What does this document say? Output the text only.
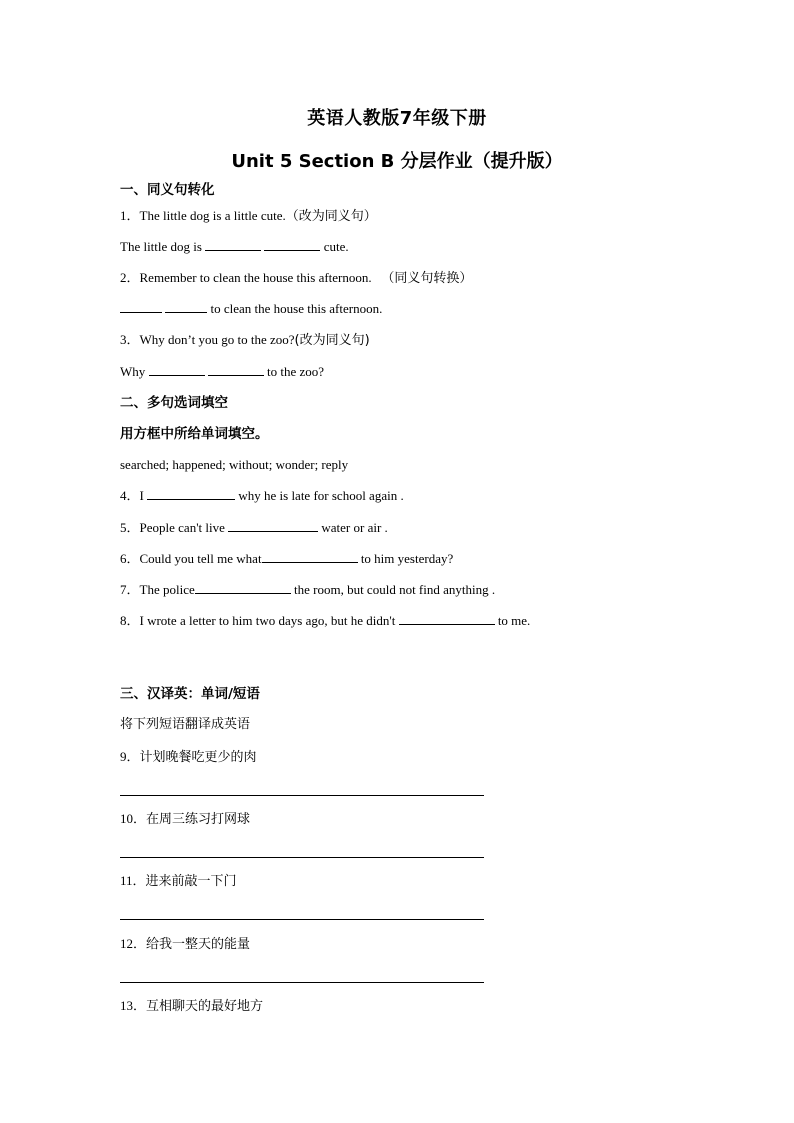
英语人教版7年级下册
Unit 5 Section B 分层作业（提升版）
一、同义句转化
1．The little dog is a little cute.（改为同义句）
The little dog is	cute.
2．Remember to clean the house this afternoon. （同义句转换）
to clean the house this afternoon.
3．Why don’t you go to the zoo?(改为同义句)
Why	to the zoo?
二、多句选词填空
用方框中所给单词填空。
searched; happened; without; wonder; reply
4．I	why he is late for school again .
5．People can't live	water or air .
6．Could you tell me what	to him yesterday?
7．The police	the room, but could not find anything .
8．I wrote a letter to him two days ago, but he didn't	to me.
三、汉译英：单词/短语
将下列短语翻译成英语
9．计划晚餐吃更少的肉
10．在周三练习打网球
11．进来前敲一下门
12．给我一整天的能量
13．互相聊天的最好地方
